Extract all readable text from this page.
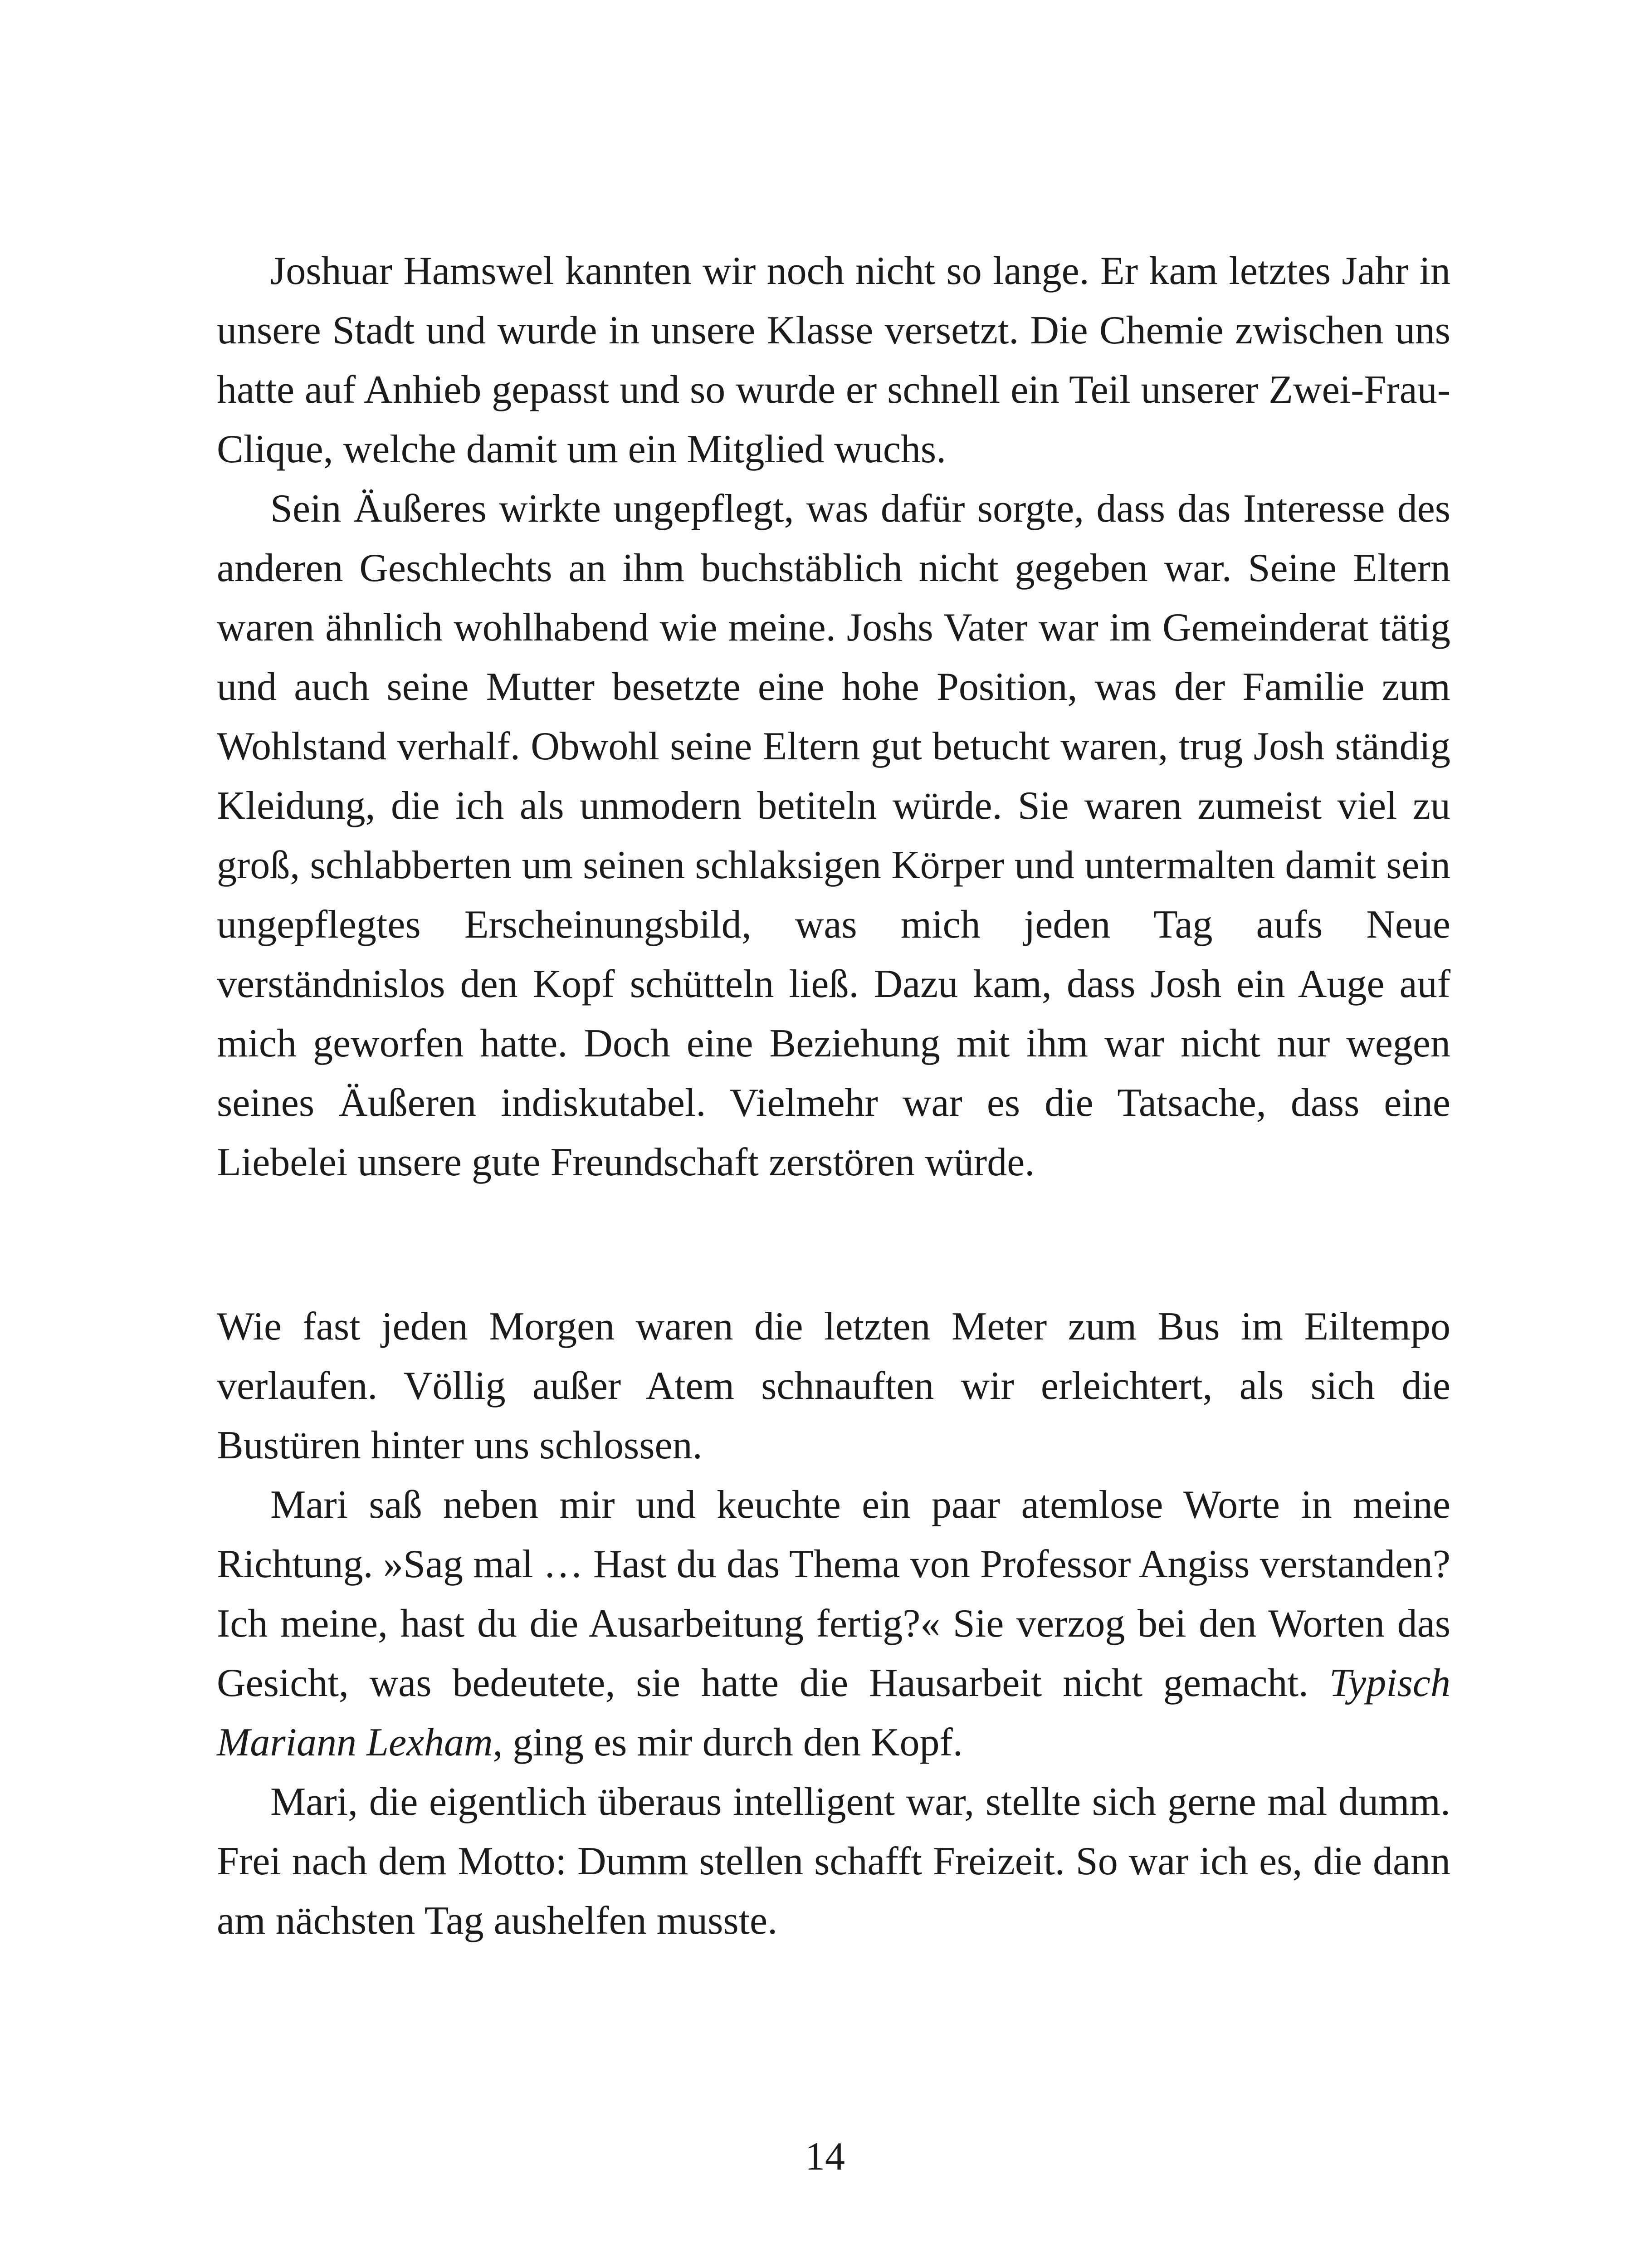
Joshuar Hamswel kannten wir noch nicht so lange. Er kam letztes Jahr in unsere Stadt und wurde in unsere Klasse versetzt. Die Chemie zwischen uns hatte auf Anhieb gepasst und so wurde er schnell ein Teil unserer Zwei-Frau-Clique, welche damit um ein Mitglied wuchs.

Sein Äußeres wirkte ungepflegt, was dafür sorgte, dass das Interesse des anderen Geschlechts an ihm buchstäblich nicht gegeben war. Seine Eltern waren ähnlich wohlhabend wie meine. Joshs Vater war im Gemeinderat tätig und auch seine Mutter besetzte eine hohe Position, was der Familie zum Wohlstand verhalf. Obwohl seine Eltern gut betucht waren, trug Josh ständig Kleidung, die ich als unmodern betiteln würde. Sie waren zumeist viel zu groß, schlabberten um seinen schlaksigen Körper und untermalten damit sein ungepflegtes Erscheinungsbild, was mich jeden Tag aufs Neue verständnislos den Kopf schütteln ließ. Dazu kam, dass Josh ein Auge auf mich geworfen hatte. Doch eine Beziehung mit ihm war nicht nur wegen seines Äußeren indiskutabel. Vielmehr war es die Tatsache, dass eine Liebelei unsere gute Freundschaft zerstören würde.

Wie fast jeden Morgen waren die letzten Meter zum Bus im Eiltempo verlaufen. Völlig außer Atem schnauften wir erleichtert, als sich die Bustüren hinter uns schlossen.

Mari saß neben mir und keuchte ein paar atemlose Worte in meine Richtung. »Sag mal … Hast du das Thema von Professor Angiss verstanden? Ich meine, hast du die Ausarbeitung fertig?« Sie verzog bei den Worten das Gesicht, was bedeutete, sie hatte die Hausarbeit nicht gemacht. Typisch Mariann Lexham, ging es mir durch den Kopf.

Mari, die eigentlich überaus intelligent war, stellte sich gerne mal dumm. Frei nach dem Motto: Dumm stellen schafft Freizeit. So war ich es, die dann am nächsten Tag aushelfen musste.

14
